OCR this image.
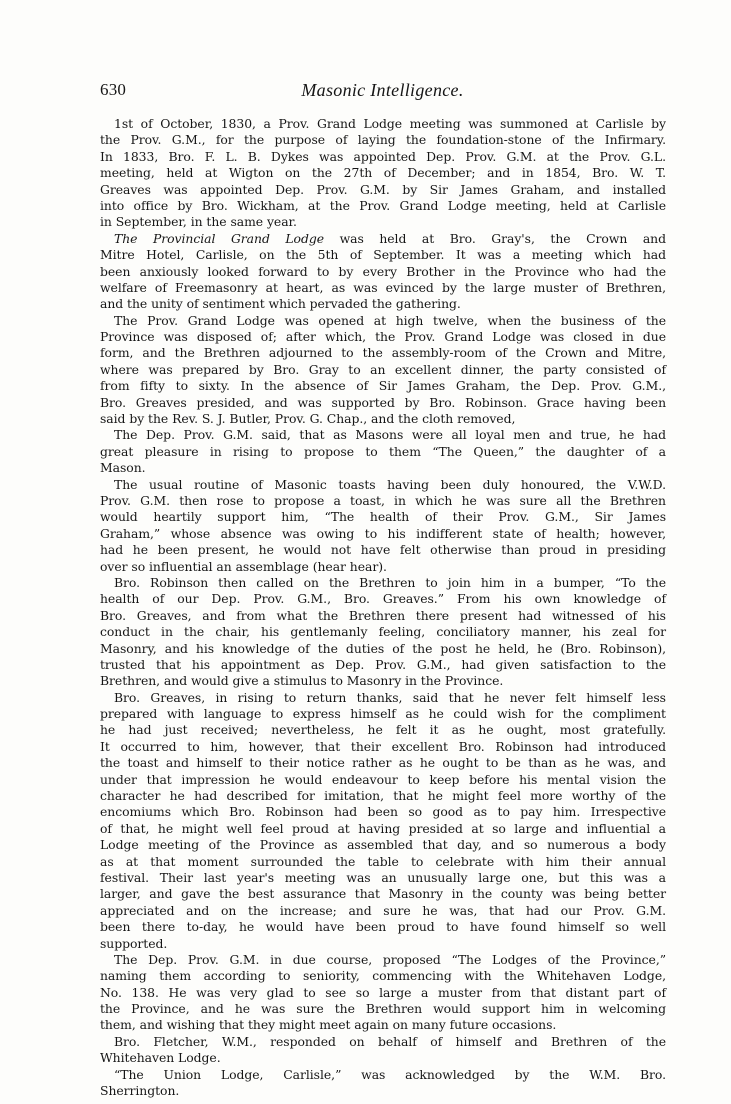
630	Masonic Intelligence.
1st of October, 1830, a Prov. Grand Lodge meeting was summoned at Carlisle by
the Prov. G.M., for the purpose of laying the foundation-stone of the Infirmary.
In 1833, Bro. F. L. B. Dykes was appointed Dep. Prov. G.M. at the Prov. G.L.
meeting, held at Wigton on the 27th of December; and in 1854, Bro. W. T.
Greaves was appointed Dep. Prov. G.M. by Sir James Graham, and installed
into office by Bro. Wickham, at the Prov. Grand Lodge meeting, held at Carlisle
in September, in the same year.
The Provincial Grand Lodge was held at Bro. Gray's, the Crown and
Mitre Hotel, Carlisle, on the 5th of September. It was a meeting which had
been anxiously looked forward to by every Brother in the Province who had the
welfare of Freemasonry at heart, as was evinced by the large muster of Brethren,
and the unity of sentiment which pervaded the gathering.
The Prov. Grand Lodge was opened at high twelve, when the business of the
Province was disposed of; after which, the Prov. Grand Lodge was closed in due
form, and the Brethren adjourned to the assembly-room of the Crown and Mitre,
where was prepared by Bro. Gray to an excellent dinner, the party consisted of
from fifty to sixty. In the absence of Sir James Graham, the Dep. Prov. G.M.,
Bro. Greaves presided, and was supported by Bro. Robinson. Grace having been
said by the Rev. S. J. Butler, Prov. G. Chap., and the cloth removed,
The Dep. Prov. G.M. said, that as Masons were all loyal men and true, he had
great pleasure in rising to propose to them “The Queen,” the daughter of a
Mason.
The usual routine of Masonic toasts having been duly honoured, the V.W.D.
Prov. G.M. then rose to propose a toast, in which he was sure all the Brethren
would heartily support him, “The health of their Prov. G.M., Sir James
Graham,” whose absence was owing to his indifferent state of health; however,
had he been present, he would not have felt otherwise than proud in presiding
over so influential an assemblage (hear hear).
Bro. Robinson then called on the Brethren to join him in a bumper, “To the
health of our Dep. Prov. G.M., Bro. Greaves.” From his own knowledge of
Bro. Greaves, and from what the Brethren there present had witnessed of his
conduct in the chair, his gentlemanly feeling, conciliatory manner, his zeal for
Masonry, and his knowledge of the duties of the post he held, he (Bro. Robinson),
trusted that his appointment as Dep. Prov. G.M., had given satisfaction to the
Brethren, and would give a stimulus to Masonry in the Province.
Bro. Greaves, in rising to return thanks, said that he never felt himself less
prepared with language to express himself as he could wish for the compliment
he had just received; nevertheless, he felt it as he ought, most gratefully.
It occurred to him, however, that their excellent Bro. Robinson had introduced
the toast and himself to their notice rather as he ought to be than as he was, and
under that impression he would endeavour to keep before his mental vision the
character he had described for imitation, that he might feel more worthy of the
encomiums which Bro. Robinson had been so good as to pay him. Irrespective
of that, he might well feel proud at having presided at so large and influential a
Lodge meeting of the Province as assembled that day, and so numerous a body
as at that moment surrounded the table to celebrate with him their annual
festival. Their last year's meeting was an unusually large one, but this was a
larger, and gave the best assurance that Masonry in the county was being better
appreciated and on the increase; and sure he was, that had our Prov. G.M.
been there to-day, he would have been proud to have found himself so well
supported.
The Dep. Prov. G.M. in due course, proposed “The Lodges of the Province,”
naming them according to seniority, commencing with the Whitehaven Lodge,
No. 138. He was very glad to see so large a muster from that distant part of
the Province, and he was sure the Brethren would support him in welcoming
them, and wishing that they might meet again on many future occasions.
Bro. Fletcher, W.M., responded on behalf of himself and Brethren of the
Whitehaven Lodge.
“The Union Lodge, Carlisle,” was acknowledged by the W.M. Bro.
Sherrington.
